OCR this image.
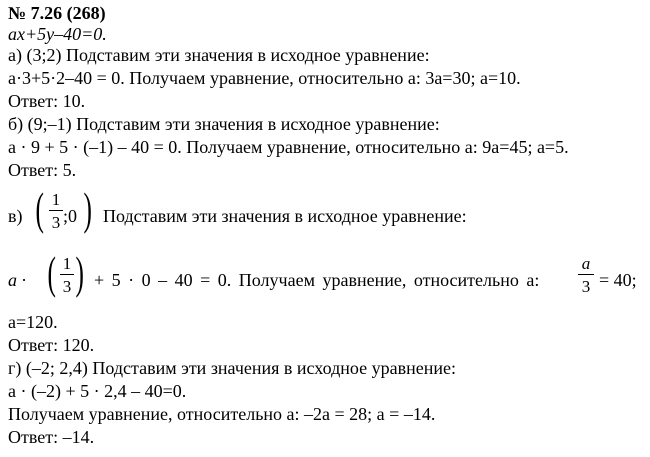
№ 7.26 (268)
ax+5y–40=0.
а) (3;2) Подставим эти значения в исходное уравнение:
a·3+5·2–40 = 0. Получаем уравнение, относительно a: 3a=30; a=10.
Ответ: 10.
б) (9;–1) Подставим эти значения в исходное уравнение:
a · 9 + 5 · (–1) – 40 = 0. Получаем уравнение, относительно a: 9a=45; a=5.
Ответ: 5.
в) ( 1
3 ;0 ) Подставим эти значения в исходное уравнение:
a · ( 1
3 ) + 5 · 0 – 40 = 0. Получаем уравнение, относительно a:
a
3 = 40;
a=120.
Ответ: 120.
г) (–2; 2,4) Подставим эти значения в исходное уравнение:
a · (–2) + 5 · 2,4 – 40=0.
Получаем уравнение, относительно a: –2a = 28; a = –14.
Ответ: –14.
